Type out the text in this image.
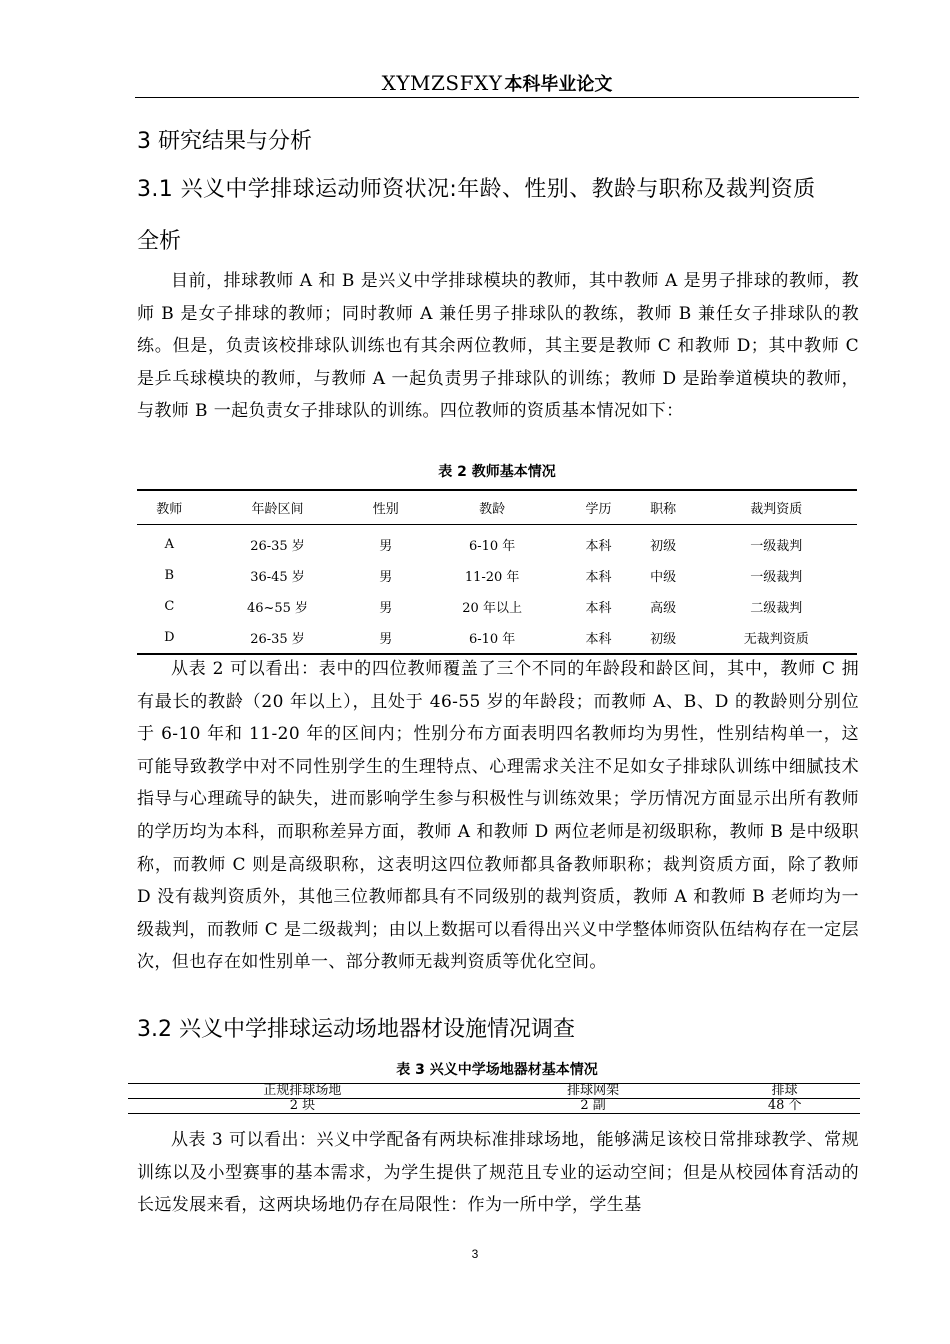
XYMZSFXY 本科毕业论文
3 研究结果与分析
3.1 兴义中学排球运动师资状况:年龄、性别、教龄与职称及裁判资质
全析

目前，排球教师 A 和 B 是兴义中学排球模块的教师，其中教师 A 是男子排球的教师，教师 B 是女子排球的教师；同时教师 A 兼任男子排球队的教练，教师 B 兼任女子排球队的教练。但是，负责该校排球队训练也有其余两位教师，其主要是教师 C 和教师 D；其中教师 C 是乒乓球模块的教师，与教师 A 一起负责男子排球队的训练；教师 D 是跆拳道模块的教师，与教师 B 一起负责女子排球队的训练。四位教师的资质基本情况如下：

表 2 教师基本情况
教师	年龄区间	性别	教龄	学历	职称	裁判资质
A	26-35 岁	男	6-10 年	本科	初级	一级裁判
B	36-45 岁	男	11-20 年	本科	中级	一级裁判
C	46~55 岁	男	20 年以上	本科	高级	二级裁判
D	26-35 岁	男	6-10 年	本科	初级	无裁判资质

从表 2 可以看出：表中的四位教师覆盖了三个不同的年龄段和龄区间，其中，教师 C 拥有最长的教龄（20 年以上），且处于 46-55 岁的年龄段；而教师 A、B、D 的教龄则分别位于 6-10 年和 11-20 年的区间内；性别分布方面表明四名教师均为男性，性别结构单一，这可能导致教学中对不同性别学生的生理特点、心理需求关注不足如女子排球队训练中细腻技术指导与心理疏导的缺失，进而影响学生参与积极性与训练效果；学历情况方面显示出所有教师的学历均为本科，而职称差异方面，教师 A 和教师 D 两位老师是初级职称，教师 B 是中级职称，而教师 C 则是高级职称，这表明这四位教师都具备教师职称；裁判资质方面，除了教师 D 没有裁判资质外，其他三位教师都具有不同级别的裁判资质，教师 A 和教师 B 老师均为一级裁判，而教师 C 是二级裁判；由以上数据可以看得出兴义中学整体师资队伍结构存在一定层次，但也存在如性别单一、部分教师无裁判资质等优化空间。

3.2 兴义中学排球运动场地器材设施情况调查
表 3 兴义中学场地器材基本情况
正规排球场地	排球网架	排球
2 块	2 副	48 个

从表 3 可以看出：兴义中学配备有两块标准排球场地，能够满足该校日常排球教学、常规训练以及小型赛事的基本需求，为学生提供了规范且专业的运动空间；但是从校园体育活动的长远发展来看，这两块场地仍存在局限性：作为一所中学，学生基

3
